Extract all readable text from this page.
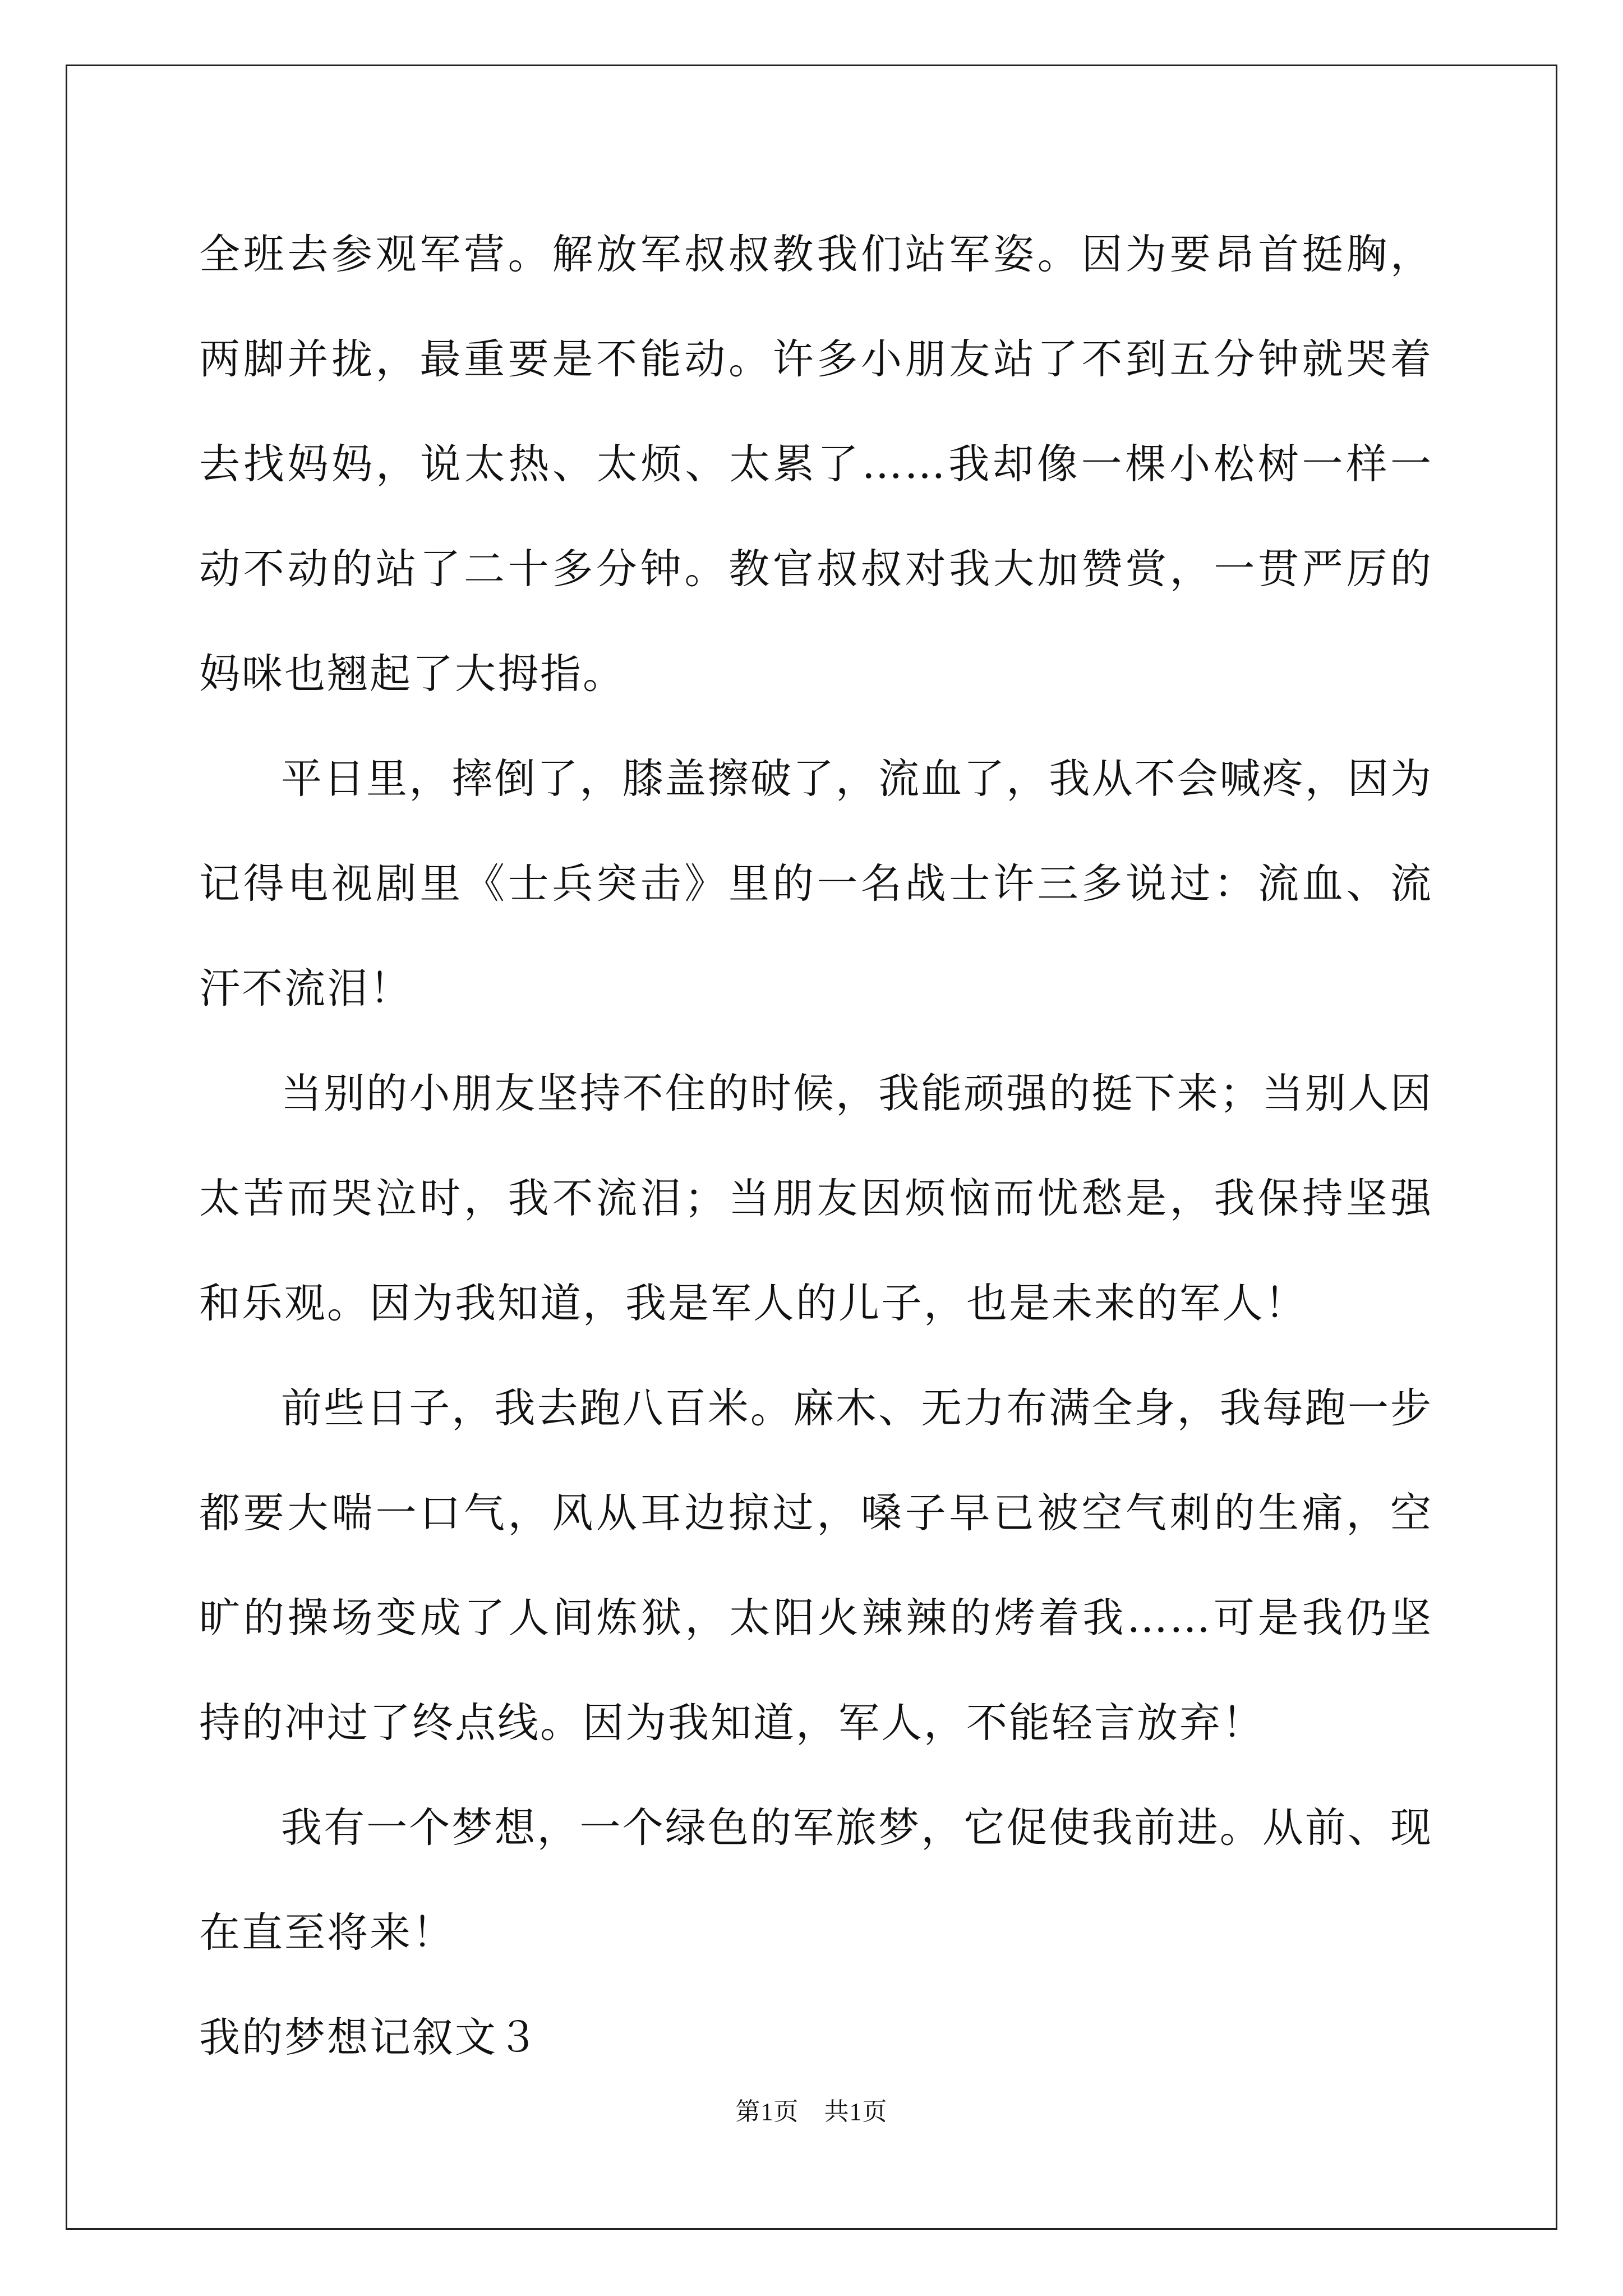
全班去参观军营。解放军叔叔教我们站军姿。因为要昂首挺胸，两脚并拢，最重要是不能动。许多小朋友站了不到五分钟就哭着去找妈妈，说太热、太烦、太累了……我却像一棵小松树一样一动不动的站了二十多分钟。教官叔叔对我大加赞赏，一贯严厉的妈咪也翘起了大拇指。

平日里，摔倒了，膝盖擦破了，流血了，我从不会喊疼，因为记得电视剧里《士兵突击》里的一名战士许三多说过：流血、流汗不流泪！

当别的小朋友坚持不住的时候，我能顽强的挺下来；当别人因太苦而哭泣时，我不流泪；当朋友因烦恼而忧愁是，我保持坚强和乐观。因为我知道，我是军人的儿子，也是未来的军人！

前些日子，我去跑八百米。麻木、无力布满全身，我每跑一步都要大喘一口气，风从耳边掠过，嗓子早已被空气刺的生痛，空旷的操场变成了人间炼狱，太阳火辣辣的烤着我……可是我仍坚持的冲过了终点线。因为我知道，军人，不能轻言放弃！

我有一个梦想，一个绿色的军旅梦，它促使我前进。从前、现在直至将来！

我的梦想记叙文３

第1页　共1页
